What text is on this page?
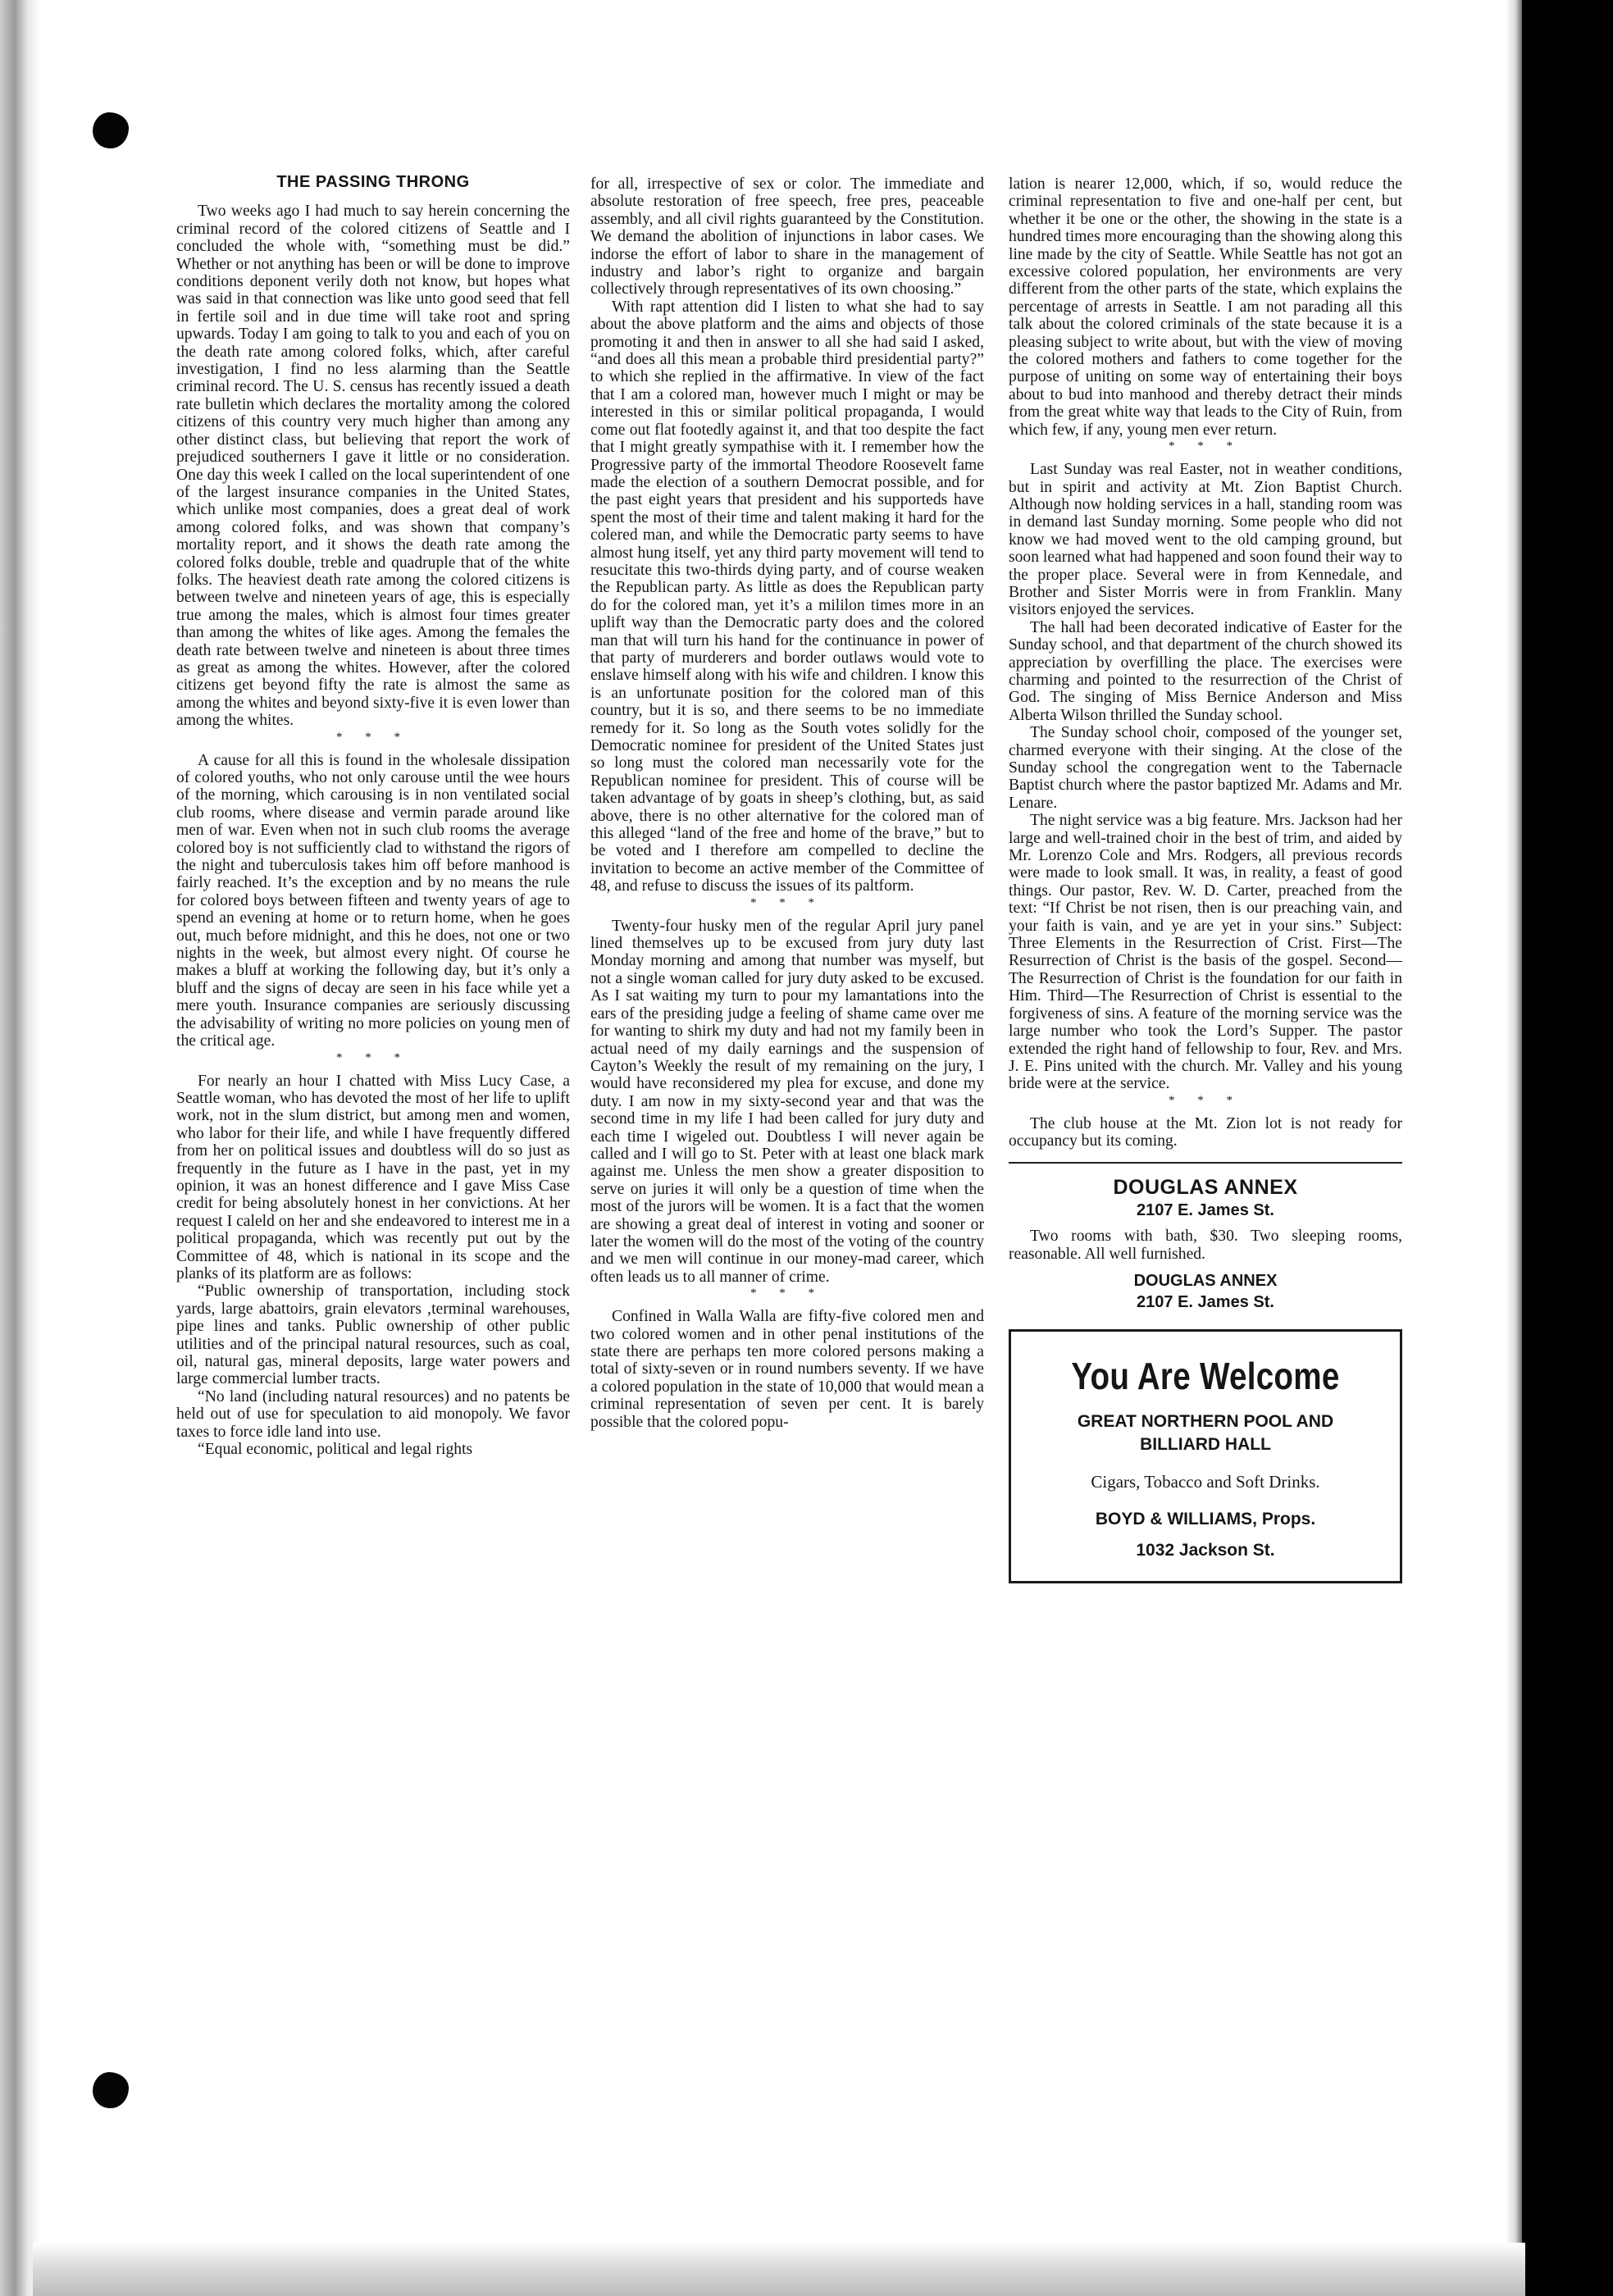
THE PASSING THRONG

Two weeks ago I had much to say herein concerning the criminal record of the colored citizens of Seattle and I concluded the whole with, “something must be did.” Whether or not anything has been or will be done to improve conditions deponent verily doth not know, but hopes what was said in that connection was like unto good seed that fell in fertile soil and in due time will take root and spring upwards. Today I am going to talk to you and each of you on the death rate among colored folks, which, after careful investigation, I find no less alarming than the Seattle criminal record. The U. S. census has recently issued a death rate bulletin which declares the mortality among the colored citizens of this country very much higher than among any other distinct class, but believing that report the work of prejudiced southerners I gave it little or no consideration. One day this week I called on the local superintendent of one of the largest insurance companies in the United States, which unlike most companies, does a great deal of work among colored folks, and was shown that company’s mortality report, and it shows the death rate among the colored folks double, treble and quadruple that of the white folks. The heaviest death rate among the colored citizens is between twelve and nineteen years of age, this is especially true among the males, which is almost four times greater than among the whites of like ages. Among the females the death rate between twelve and nineteen is about three times as great as among the whites. However, after the colored citizens get beyond fifty the rate is almost the same as among the whites and beyond sixty-five it is even lower than among the whites.

* * *

A cause for all this is found in the wholesale dissipation of colored youths, who not only carouse until the wee hours of the morning, which carousing is in non ventilated social club rooms, where disease and vermin parade around like men of war. Even when not in such club rooms the average colored boy is not sufficiently clad to withstand the rigors of the night and tuberculosis takes him off before manhood is fairly reached. It’s the exception and by no means the rule for colored boys between fifteen and twenty years of age to spend an evening at home or to return home, when he goes out, much before midnight, and this he does, not one or two nights in the week, but almost every night. Of course he makes a bluff at working the following day, but it’s only a bluff and the signs of decay are seen in his face while yet a mere youth. Insurance companies are seriously discussing the advisability of writing no more policies on young men of the critical age.

* * *

For nearly an hour I chatted with Miss Lucy Case, a Seattle woman, who has devoted the most of her life to uplift work, not in the slum district, but among men and women, who labor for their life, and while I have frequently differed from her on political issues and doubtless will do so just as frequently in the future as I have in the past, yet in my opinion, it was an honest difference and I gave Miss Case credit for being absolutely honest in her convictions. At her request I caleld on her and she endeavored to interest me in a political propaganda, which was recently put out by the Committee of 48, which is national in its scope and the planks of its platform are as follows:

“Public ownership of transportation, including stock yards, large abattoirs, grain elevators ,terminal warehouses, pipe lines and tanks. Public ownership of other public utilities and of the principal natural resources, such as coal, oil, natural gas, mineral deposits, large water powers and large commercial lumber tracts.

“No land (including natural resources) and no patents be held out of use for speculation to aid monopoly. We favor taxes to force idle land into use.

“Equal economic, political and legal rights

for all, irrespective of sex or color. The immediate and absolute restoration of free speech, free pres, peaceable assembly, and all civil rights guaranteed by the Constitution. We demand the abolition of injunctions in labor cases. We indorse the effort of labor to share in the management of industry and labor’s right to organize and bargain collectively through representatives of its own choosing.”

With rapt attention did I listen to what she had to say about the above platform and the aims and objects of those promoting it and then in answer to all she had said I asked, “and does all this mean a probable third presidential party?” to which she replied in the affirmative. In view of the fact that I am a colored man, however much I might or may be interested in this or similar political propaganda, I would come out flat footedly against it, and that too despite the fact that I might greatly sympathise with it. I remember how the Progressive party of the immortal Theodore Roosevelt fame made the election of a southern Democrat possible, and for the past eight years that president and his supporteds have spent the most of their time and talent making it hard for the colered man, and while the Democratic party seems to have almost hung itself, yet any third party movement will tend to resucitate this two-thirds dying party, and of course weaken the Republican party. As little as does the Republican party do for the colored man, yet it’s a mililon times more in an uplift way than the Democratic party does and the colored man that will turn his hand for the continuance in power of that party of murderers and border outlaws would vote to enslave himself along with his wife and children. I know this is an unfortunate position for the colored man of this country, but it is so, and there seems to be no immediate remedy for it. So long as the South votes solidly for the Democratic nominee for president of the United States just so long must the colored man necessarily vote for the Republican nominee for president. This of course will be taken advantage of by goats in sheep’s clothing, but, as said above, there is no other alternative for the colored man of this alleged “land of the free and home of the brave,” but to be voted and I therefore am compelled to decline the invitation to become an active member of the Committee of 48, and refuse to discuss the issues of its paltform.

* * *

Twenty-four husky men of the regular April jury panel lined themselves up to be excused from jury duty last Monday morning and among that number was myself, but not a single woman called for jury duty asked to be excused. As I sat waiting my turn to pour my lamantations into the ears of the presiding judge a feeling of shame came over me for wanting to shirk my duty and had not my family been in actual need of my daily earnings and the suspension of Cayton’s Weekly the result of my remaining on the jury, I would have reconsidered my plea for excuse, and done my duty. I am now in my sixty-second year and that was the second time in my life I had been called for jury duty and each time I wigeled out. Doubtless I will never again be called and I will go to St. Peter with at least one black mark against me. Unless the men show a greater disposition to serve on juries it will only be a question of time when the most of the jurors will be women. It is a fact that the women are showing a great deal of interest in voting and sooner or later the women will do the most of the voting of the country and we men will continue in our money-mad career, which often leads us to all manner of crime.

* * *

Confined in Walla Walla are fifty-five colored men and two colored women and in other penal institutions of the state there are perhaps ten more colored persons making a total of sixty-seven or in round numbers seventy. If we have a colored population in the state of 10,000 that would mean a criminal representation of seven per cent. It is barely possible that the colored popu-

lation is nearer 12,000, which, if so, would reduce the criminal representation to five and one-half per cent, but whether it be one or the other, the showing in the state is a hundred times more encouraging than the showing along this line made by the city of Seattle. While Seattle has not got an excessive colored population, her environments are very different from the other parts of the state, which explains the percentage of arrests in Seattle. I am not parading all this talk about the colored criminals of the state because it is a pleasing subject to write about, but with the view of moving the colored mothers and fathers to come together for the purpose of uniting on some way of entertaining their boys about to bud into manhood and thereby detract their minds from the great white way that leads to the City of Ruin, from which few, if any, young men ever return.

* * *

Last Sunday was real Easter, not in weather conditions, but in spirit and activity at Mt. Zion Baptist Church. Although now holding services in a hall, standing room was in demand last Sunday morning. Some people who did not know we had moved went to the old camping ground, but soon learned what had happened and soon found their way to the proper place. Several were in from Kennedale, and Brother and Sister Morris were in from Franklin. Many visitors enjoyed the services.

The hall had been decorated indicative of Easter for the Sunday school, and that department of the church showed its appreciation by overfilling the place. The exercises were charming and pointed to the resurrection of the Christ of God. The singing of Miss Bernice Anderson and Miss Alberta Wilson thrilled the Sunday school.

The Sunday school choir, composed of the younger set, charmed everyone with their singing. At the close of the Sunday school the congregation went to the Tabernacle Baptist church where the pastor baptized Mr. Adams and Mr. Lenare.

The night service was a big feature. Mrs. Jackson had her large and well-trained choir in the best of trim, and aided by Mr. Lorenzo Cole and Mrs. Rodgers, all previous records were made to look small. It was, in reality, a feast of good things. Our pastor, Rev. W. D. Carter, preached from the text: “If Christ be not risen, then is our preaching vain, and your faith is vain, and ye are yet in your sins.” Subject: Three Elements in the Resurrection of Crist. First—The Resurrection of Christ is the basis of the gospel. Second—The Resurrection of Christ is the foundation for our faith in Him. Third—The Resurrection of Christ is essential to the forgiveness of sins. A feature of the morning service was the large number who took the Lord’s Supper. The pastor extended the right hand of fellowship to four, Rev. and Mrs. J. E. Pins united with the church. Mr. Valley and his young bride were at the service.

* * *

The club house at the Mt. Zion lot is not ready for occupancy but its coming.

DOUGLAS ANNEX
2107 E. James St.
Two rooms with bath, $30. Two sleeping rooms, reasonable. All well furnished.
DOUGLAS ANNEX
2107 E. James St.
You Are Welcome
GREAT NORTHERN POOL AND
BILLIARD HALL
Cigars, Tobacco and Soft Drinks.
BOYD & WILLIAMS, Props.
1032 Jackson St.
